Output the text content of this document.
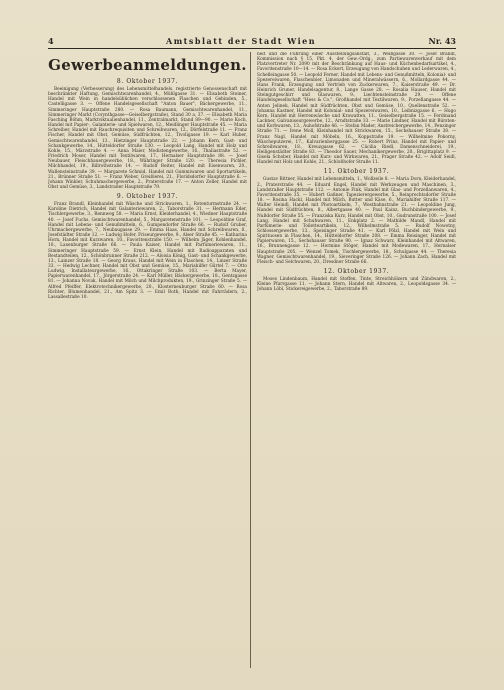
4	Amtsblatt der Stadt Wien	Nr. 43
Gewerbeanmeldungen.
8. Oktober 1937.

Beeinigung (Verbesserung) des Lebensmittelhandels, registrierte Genossenschaft mit beschränkter Haftung, Gemischtwarenhandel, 4., Mühlgasse 31. — Elisabeth Steiner, Handel mit Wein in handelsüblichen verschlossenen Flaschen und Gebinden, 5., Castelligasse 3. — Offene Handelsgesellschaft "Anton Bauer", Bäckergewerbe, 11., Simmeringer Hauptstraße 280. — Rosa Baumann, Gemischtwarenhandel, 11., Simmeringer Markt (Corynthgasse—Geiselbergstraße), Stand 30 a, 37. — Elisabeth Maria Fasching Böhm, Marktviktualienhandel, 11., Zentralmarkt, Stand 89—90. — Marie Koch, Handel mit Papier-, Galanterie- und Spielwaren, 12., Meidlinger Hauptstraße 45. — Maria Schreiber, Handel mit Rauchrequisiten und Schreibwaren, 12., Dörfelstraße 11. — Franz Fischer, Handel mit Obst, Gemüse, Südfrüchten, 12., Tivoligasse 19. — Karl Huber, Gemischtwarenhandel, 13., Hietzinger Hauptstraße 22. — Johann Kern, Gast- und Schankgewerbe, 14., Hütteldorfer Straße 130. — Leopold Lang, Handel mit Holz und Kohle, 15., Märzstraße 4. — Anna Maier, Modistengewerbe, 16., Thaliastraße 52. — Friedrich Moser, Handel mit Textilwaren, 17., Hernalser Hauptstraße 88. — Josef Neubauer, Fleischhauergewerbe, 18., Währinger Straße 120. — Theresia Pichler, Milchhandel, 19., Billrothstraße 14. — Rudolf Reiter, Handel mit Eisenwaren, 20., Wallensteinstraße 39. — Margarete Schmid, Handel mit Gummiwaren und Sportartikeln, 21., Brünner Straße 51. — Franz Weber, Greißlerei, 21., Floridsdorfer Hauptstraße 6. — Johann Winkler, Schuhmachergewerbe, 2., Praterstraße 17. — Anton Zeller, Handel mit Obst und Gemüse, 3., Landstraßer Hauptstraße 79.

9. Oktober 1937.

Franz Brandl, Kleinhandel mit Wäsche und Strickwaren, 1., Rotenturmstraße 24. — Karoline Dietrich, Handel mit Galanteriewaren, 2., Taborstraße 31. — Hermann Eder, Tischlergewerbe, 3., Rennweg 58. — Maria Ernst, Kleiderhandel, 4., Wiedner Hauptstraße 40. — Josef Fuchs, Gemischtwarenhandel, 5., Margaretenstraße 101. — Leopoldine Graf, Handel mit Lebens- und Genußmitteln, 6., Gumpendorfer Straße 66. — Rudolf Gruber, Uhrmachergewerbe, 7., Neubaugasse 29. — Emma Haas, Handel mit Schreibwaren, 8., Josefstädter Straße 12. — Ludwig Hofer, Friseurgewerbe, 9., Alser Straße 45. — Katharina Horn, Handel mit Kurzwaren, 10., Favoritenstraße 150. — Wilhelm Jäger, Kohlenhandel, 10., Laxenburger Straße 66. — Paula Kaiser, Handel mit Parfümeriewaren, 11., Simmeringer Hauptstraße 59. — Ernst Klein, Handel mit Radioapparaten und Bestandteilen, 12., Schönbrunner Straße 212. — Aloisia König, Gast- und Schankgewerbe, 13., Lainzer Straße 18. — Georg Kraus, Handel mit Wein in Flaschen, 14., Linzer Straße 33. — Hedwig Lechner, Handel mit Obst und Gemüse, 15., Mariahilfer Gürtel 7. — Otto Ludwig, Installateurgewerbe, 16., Ottakringer Straße 103. — Berta Mayer, Papierwarenhandel, 17., Jörgerstraße 24. — Karl Müller, Bäckergewerbe, 18., Gentzgasse 81. — Johanna Novak, Handel mit Milch und Milchprodukten, 19., Grinzinger Straße 5. — Alfred Pfeiffer, Elektrotechnikergewerbe, 20., Klosterneuburger Straße 60. — Rosa Richter, Blumenhandel, 21., Am Spitz 3. — Emil Roth, Handel mit Fahrrädern, 2., Lassallestraße 10.

heit und die Führung einer Ausstellungsanstalt, 3., Weißgasse 30. — Josef Brandl, Kommission nach § 15, Pkt. 4, der Gew.-Ordg., zum Partiewarenverkauf mit dem Platzvertreter Nr. 2090 mit der Beschränkung auf Haus- und Küchenbedarfsartikel, 4., Favoritenstraße 10—14. — Rosa Eckert, Erzeugung von Handschuhen und Lederwaren, 4., Schelleingasse 50. — Leopold Ferner, Handel mit Lebens- und Genußmitteln, Kolonial- und Spezereiwaren, Flaschenbier, Limonaden und Mineralwässern, 6., Mollardgasse 44. — Hans Frank, Erzeugung und Vertrieb von Zuckerwaren, 7., Kaiserstraße 49. — Dr. Heinrich Gruner, Handelsagentur, 8., Lange Gasse 28. — Rosalia Hauser, Handel mit Steingutgeschirr und Glaswaren, 9., Liechtensteinstraße 29. — Offene Handelsgesellschaft "Hess & Co.", Großhandel mit Textilwaren, 9., Porzellangasse 44. — Anton Jelinek, Handel mit Südfrüchten, Obst und Gemüse, 10., Quellenstraße 52. — Johanna Kastner, Handel mit Kolonial- und Spezereiwaren, 10., Leibnizgasse 6. — Hugo Kern, Handel mit Herrenwäsche und Krawatten, 11., Geiselbergstraße 15. — Ferdinand Lackner, Galvaniseurgewerbe, 12., Arndtstraße 33. — Marie Lindner, Handel mit Bürsten- und Korbwaren, 13., Auhofstraße 46. — Stefan Mader, Anstreichergewerbe, 14., Penzinger Straße 71. — Irene Moll, Kleinhandel mit Strickwaren, 15., Sechshauser Straße 38. — Franz Nagl, Handel mit Möbeln, 16., Koppstraße 19. — Wilhelmine Pokorny, Wäscheputzerei, 17., Kalvarienberggasse 25. — Robert Prinz, Handel mit Papier- und Schreibwaren, 18., Kreuzgasse 62. — Cäcilia Riedl, Damenschneiderei, 19., Heiligenstädter Straße 83. — Theodor Sauer, Mechanikergewerbe, 20., Brigittaplatz 9. — Gisela Schober, Handel mit Kurz- und Wirkwaren, 21., Prager Straße 42. — Adolf Seidl, Handel mit Holz und Kohle, 21., Schloßhofer Straße 11.

11. Oktober 1937.

Gustav Bittner, Handel mit Lebensmitteln, 1., Wollzeile 8. — Maria Dorn, Kleiderhandel, 2., Praterstraße 44. — Eduard Engel, Handel mit Werkzeugen und Maschinen, 3., Landstraßer Hauptstraße 112. — Antonie Fink, Handel mit Glas- und Porzellanwaren, 4., Favoritenstraße 35. — Hubert Gaßner, Tapezierergewerbe, 5., Reinprechtsdorfer Straße 18. — Rosina Hackl, Handel mit Milch, Butter und Käse, 6., Mariahilfer Straße 117. — Walter Heindl, Handel mit Photoartikeln, 7., Westbahnstraße 21. — Leopoldine Jung, Handel mit Südfrüchten, 8., Albertgasse 40. — Paul Kainz, Buchbindergewerbe, 9., Nußdorfer Straße 55. — Franziska Kurz, Handel mit Obst, 10., Gudrunstraße 100. — Josef Lang, Handel mit Schuhwaren, 11., Enkplatz 2. — Mathilde Mandl, Handel mit Parfümerie- und Toiletteartikeln, 12., Wilhelmstraße 5. — Rudolf Nowotny, Schlossergewerbe, 13., Speisinger Straße 41. — Karl Pölzl, Handel mit Wein und Spirituosen in Flaschen, 14., Hütteldorfer Straße 208. — Emma Reisinger, Handel mit Papierwaren, 15., Sechshauser Straße 90. — Ignaz Schwarz, Kleinhandel mit Altwaren, 16., Brunnengasse 12. — Hermine Stöger, Handel mit Modewaren, 17., Hernalser Hauptstraße 205. — Wenzel Tomek, Tischlergewerbe, 18., Schulgasse 44. — Theresia Wagner, Gemischtwarenhandel, 19., Sieveringer Straße 126. — Johann Zach, Handel mit Fleisch- und Selchwaren, 20., Dresdner Straße 66.

12. Oktober 1937.

Moses Lindenbaum, Handel mit Stoffen, Tinte, Streichhölzern und Zündwaren, 2., Kleine Pfarrgasse 11. — Johann Stern, Handel mit Altwaren, 2., Leopoldsgasse 34. — Johann Löbl, Stickereigewerbe, 2., Taborstraße 89.
